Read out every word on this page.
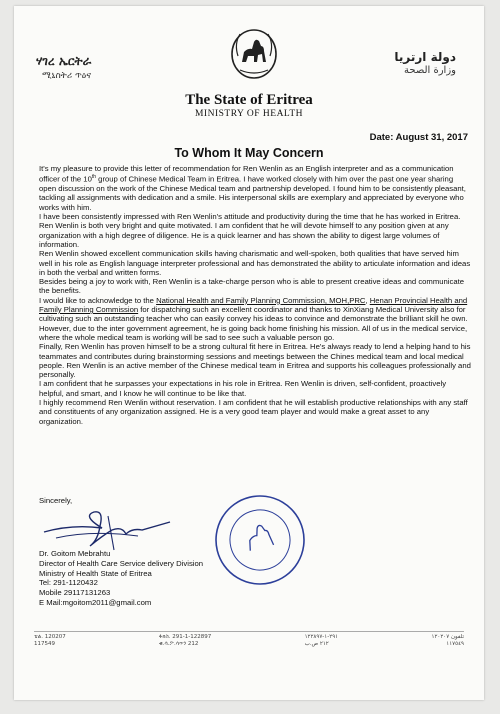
ሃገረ ኤርትራ
ሚኒስትሪ ጥዕና
دولة ارتريا
وزارة الصحة
The State of Eritrea
MINISTRY OF HEALTH
Date: August 31, 2017
To Whom It May Concern

It's my pleasure to provide this letter of recommendation for Ren Wenlin as an English interpreter and as a communication officer of the 10th group of Chinese Medical Team in Eritrea. I have worked closely with him over the past one year sharing open discussion on the work of the Chinese Medical team and partnership developed. I found him to be consistently pleasant, tackling all assignments with dedication and a smile. His interpersonal skills are exemplary and appreciated by everyone who works with him.

I have been consistently impressed with Ren Wenlin's attitude and productivity during the time that he has worked in Eritrea.

Ren Wenlin is both very bright and quite motivated. I am confident that he will devote himself to any position given at any organization with a high degree of diligence. He is a quick learner and has shown the ability to digest large volumes of information.

Ren Wenlin showed excellent communication skills having charismatic and well-spoken, both qualities that have served him well in his role as English language interpreter professional and has demonstrated the ability to articulate information and ideas in both the verbal and written forms.

Besides being a joy to work with, Ren Wenlin is a take-charge person who is able to present creative ideas and communicate the benefits.

I would like to acknowledge to the National Health and Family Planning Commission, MOH,PRC, Henan Provincial Health and Family Planning Commission for dispatching such an excellent coordinator and thanks to XinXiang Medical University also for cultivating such an outstanding teacher who can easily convey his ideas to convince and demonstrate the brilliant skill he own.

However, due to the inter government agreement, he is going back home finishing his mission. All of us in the medical service, where the whole medical team is working will be sad to see such a valuable person go.

Finally, Ren Wenlin has proven himself to be a strong cultural fit here in Eritrea. He's always ready to lend a helping hand to his teammates and contributes during brainstorming sessions and meetings between the Chines medical team and local medical people. Ren Wenlin is an active member of the Chinese medical team in Eritrea and supports his colleagues professionally and personally.

I am confident that he surpasses your expectations in his role in Eritrea. Ren Wenlin is driven, self-confident, proactively helpful, and smart, and I know he will continue to be like that.

I highly recommend Ren Wenlin without reservation. I am confident that he will establish productive relationships with any staff and constituents of any organization assigned. He is a very good team player and would make a great asset to any organization.

Sincerely,
Dr. Goitom Mebrahtu
Director of Health Care Service delivery Division
Ministry of Health State of Eritrea
Tel: 291-1120432
Mobile 29117131263
E Mail:mgoitom2011@gmail.com
ቴል. 120207
117549
ፋክስ. 291-1-122897
ቁ.ሳ.ፖ.ሳጥን 212
٢٩١-١-١٢٢٨٩٧
٢١٢ ص.ب
تلفون ١٢٠٢٠٧
١١٧٥٤٩
